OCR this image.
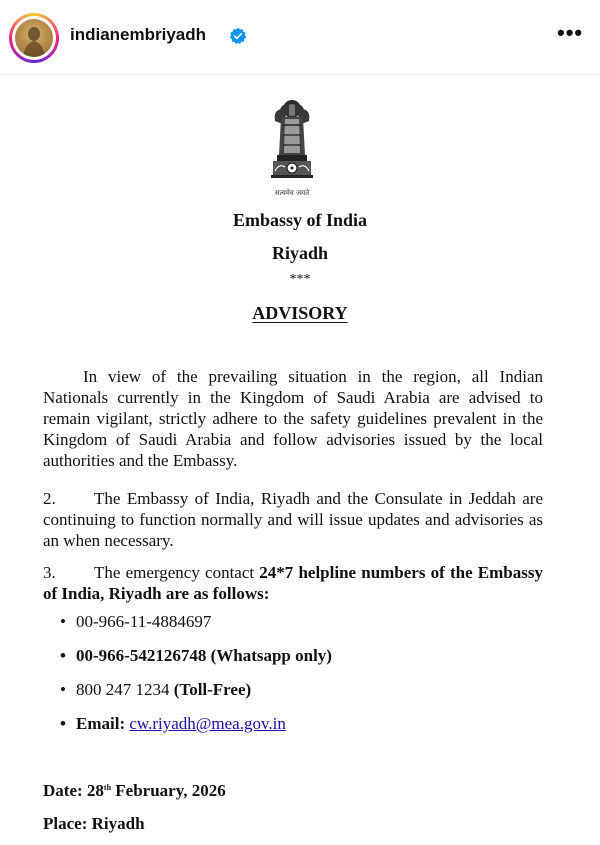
indianembriyadh	•••
सत्यमेव जयते
Embassy of India
Riyadh
***
ADVISORY

In view of the prevailing situation in the region, all Indian Nationals currently in the Kingdom of Saudi Arabia are advised to remain vigilant, strictly adhere to the safety guidelines prevalent in the Kingdom of Saudi Arabia and follow advisories issued by the local authorities and the Embassy.

2. The Embassy of India, Riyadh and the Consulate in Jeddah are continuing to function normally and will issue updates and advisories as an when necessary.

3. The emergency contact 24*7 helpline numbers of the Embassy of India, Riyadh are as follows:

• 00-966-11-4884697
• 00-966-542126748 (Whatsapp only)
• 800 247 1234 (Toll-Free)
• Email: cw.riyadh@mea.gov.in
Date: 28th February, 2026
Place: Riyadh
